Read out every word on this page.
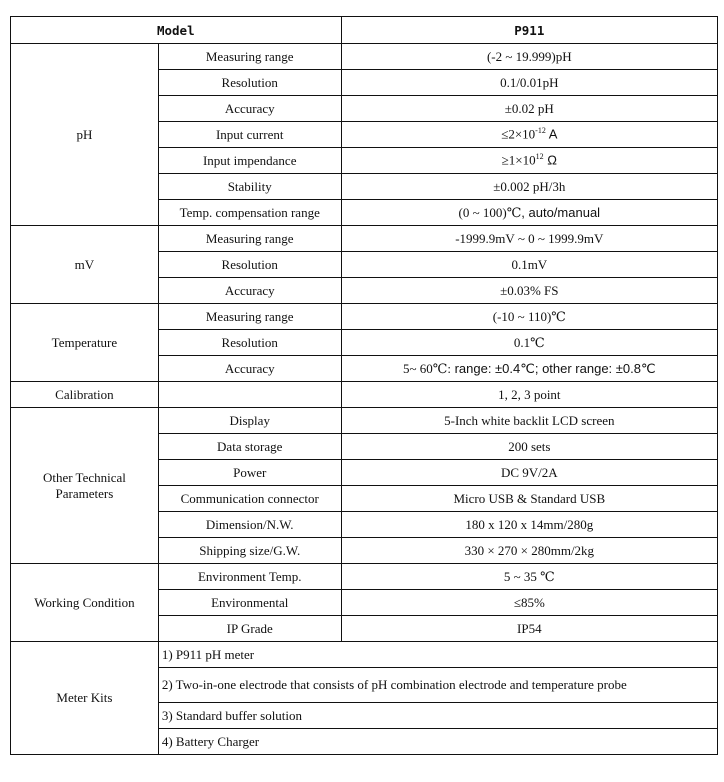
Model		P911
pH	Measuring range	(-2 ~ 19.999)pH
	Resolution	0.1/0.01pH
	Accuracy	±0.02 pH
	Input current	$\le 2\times 10^{-12}$ A
	Input impendance	$\ge 1\times 10^{12}$ Ω
	Stability	±0.002 pH/3h
	Temp. compensation range	(0 ~ 100)℃, auto/manual
mV	Measuring range	-1999.9mV ~ 0 ~ 1999.9mV
	Resolution	0.1mV
	Accuracy	±0.03% FS
Temperature	Measuring range	(-10 ~ 110)℃
	Resolution	0.1℃
	Accuracy	5~ 60℃: range: ±0.4℃; other range: ±0.8℃
Calibration		1, 2, 3 point
Other Technical Parameters	Display	5-Inch white backlit LCD screen
	Data storage	200 sets
	Power	DC 9V/2A
	Communication connector	Micro USB & Standard USB
	Dimension/N.W.	180 x 120 x 14mm/280g
	Shipping size/G.W.	330 × 270 × 280mm/2kg
Working Condition	Environment Temp.	5 ~ 35 ℃
	Environmental	≤85%
	IP Grade	IP54
Meter Kits	1) P911 pH meter	
	2) Two-in-one electrode that consists of pH combination electrode and temperature probe	
	3) Standard buffer solution	
	4) Battery Charger	
